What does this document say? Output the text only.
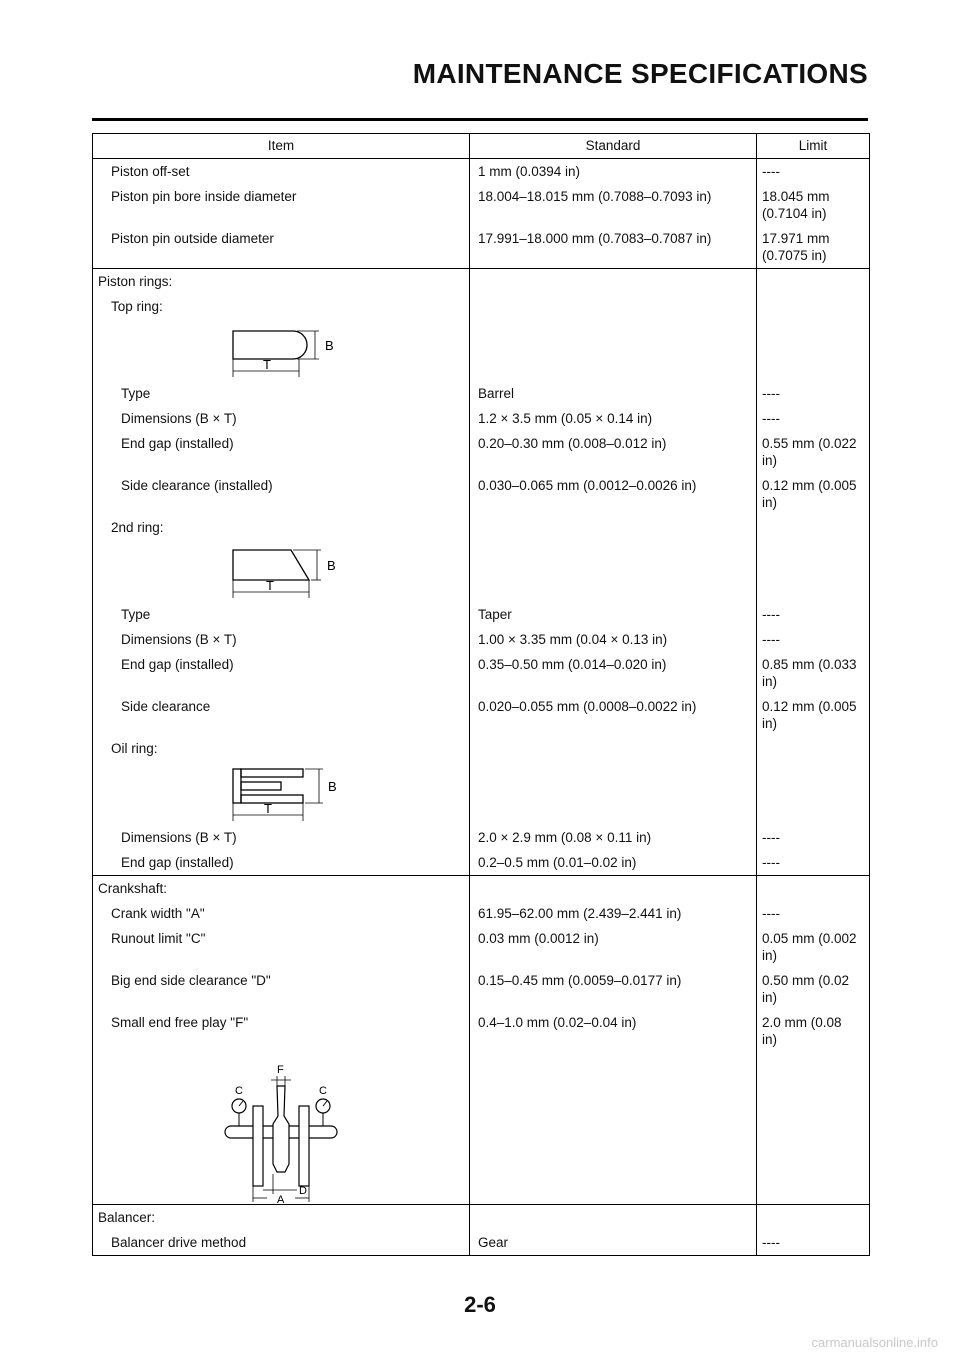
MAINTENANCE SPECIFICATIONS
Item	Standard	Limit
Piston off-set	1 mm (0.0394 in)	----
Piston pin bore inside diameter	18.004–18.015 mm (0.7088–0.7093 in)	18.045 mm
(0.7104 in)
Piston pin outside diameter	17.991–18.000 mm (0.7083–0.7087 in)	17.971 mm
(0.7075 in)
Piston rings:		
Top ring:		

T
B		

Type	Barrel	----
Dimensions (B × T)	1.2 × 3.5 mm (0.05 × 0.14 in)	----
End gap (installed)	0.20–0.30 mm (0.008–0.012 in)	0.55 mm (0.022
in)
Side clearance (installed)	0.030–0.065 mm (0.0012–0.0026 in)	0.12 mm (0.005
in)
2nd ring:		

T
B		

Type	Taper	----
Dimensions (B × T)	1.00 × 3.35 mm (0.04 × 0.13 in)	----
End gap (installed)	0.35–0.50 mm (0.014–0.020 in)	0.85 mm (0.033
in)
Side clearance	0.020–0.055 mm (0.0008–0.0022 in)	0.12 mm (0.005
in)
Oil ring:		

T
B		

Dimensions (B × T)	2.0 × 2.9 mm (0.08 × 0.11 in)	----
End gap (installed)	0.2–0.5 mm (0.01–0.02 in)	----
Crankshaft:		
Crank width "A"	61.95–62.00 mm (2.439–2.441 in)	----
Runout limit "C"	0.03 mm (0.0012 in)	0.05 mm (0.002
in)
Big end side clearance "D"	0.15–0.45 mm (0.0059–0.0177 in)	0.50 mm (0.02
in)
Small end free play "F"	0.4–1.0 mm (0.02–0.04 in)	2.0 mm (0.08
in)

F
C C
D
A		

Balancer:		
Balancer drive method	Gear	----
2-6
carmanualsonline.info
